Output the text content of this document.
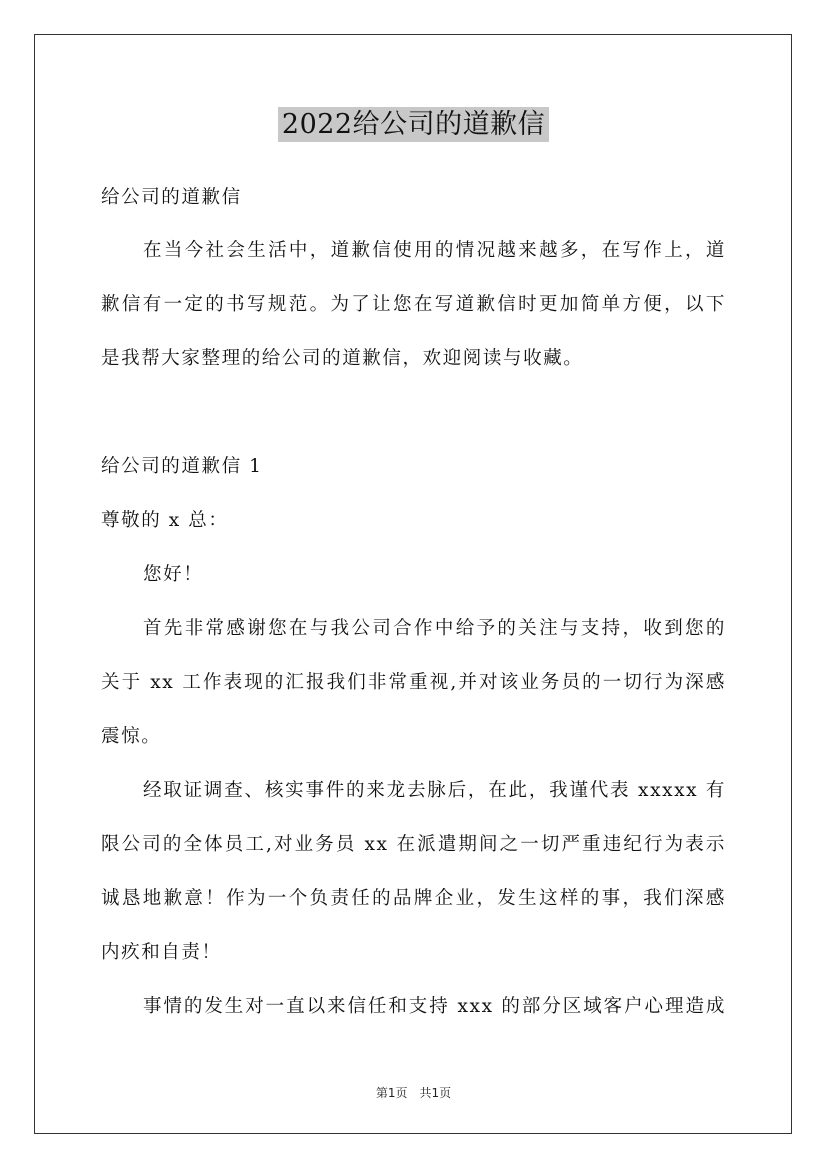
2022给公司的道歉信
给公司的道歉信
在当今社会生活中，道歉信使用的情况越来越多，在写作上，道
歉信有一定的书写规范。为了让您在写道歉信时更加简单方便，以下
是我帮大家整理的给公司的道歉信，欢迎阅读与收藏。
给公司的道歉信 1
尊敬的 x 总：
您好！
首先非常感谢您在与我公司合作中给予的关注与支持，收到您的
关于 xx 工作表现的汇报我们非常重视,并对该业务员的一切行为深感
震惊。
经取证调查、核实事件的来龙去脉后，在此，我谨代表 xxxxx 有
限公司的全体员工,对业务员 xx 在派遣期间之一切严重违纪行为表示
诚恳地歉意！作为一个负责任的品牌企业，发生这样的事，我们深感
内疚和自责！
事情的发生对一直以来信任和支持 xxx 的部分区域客户心理造成
第1页　共1页
